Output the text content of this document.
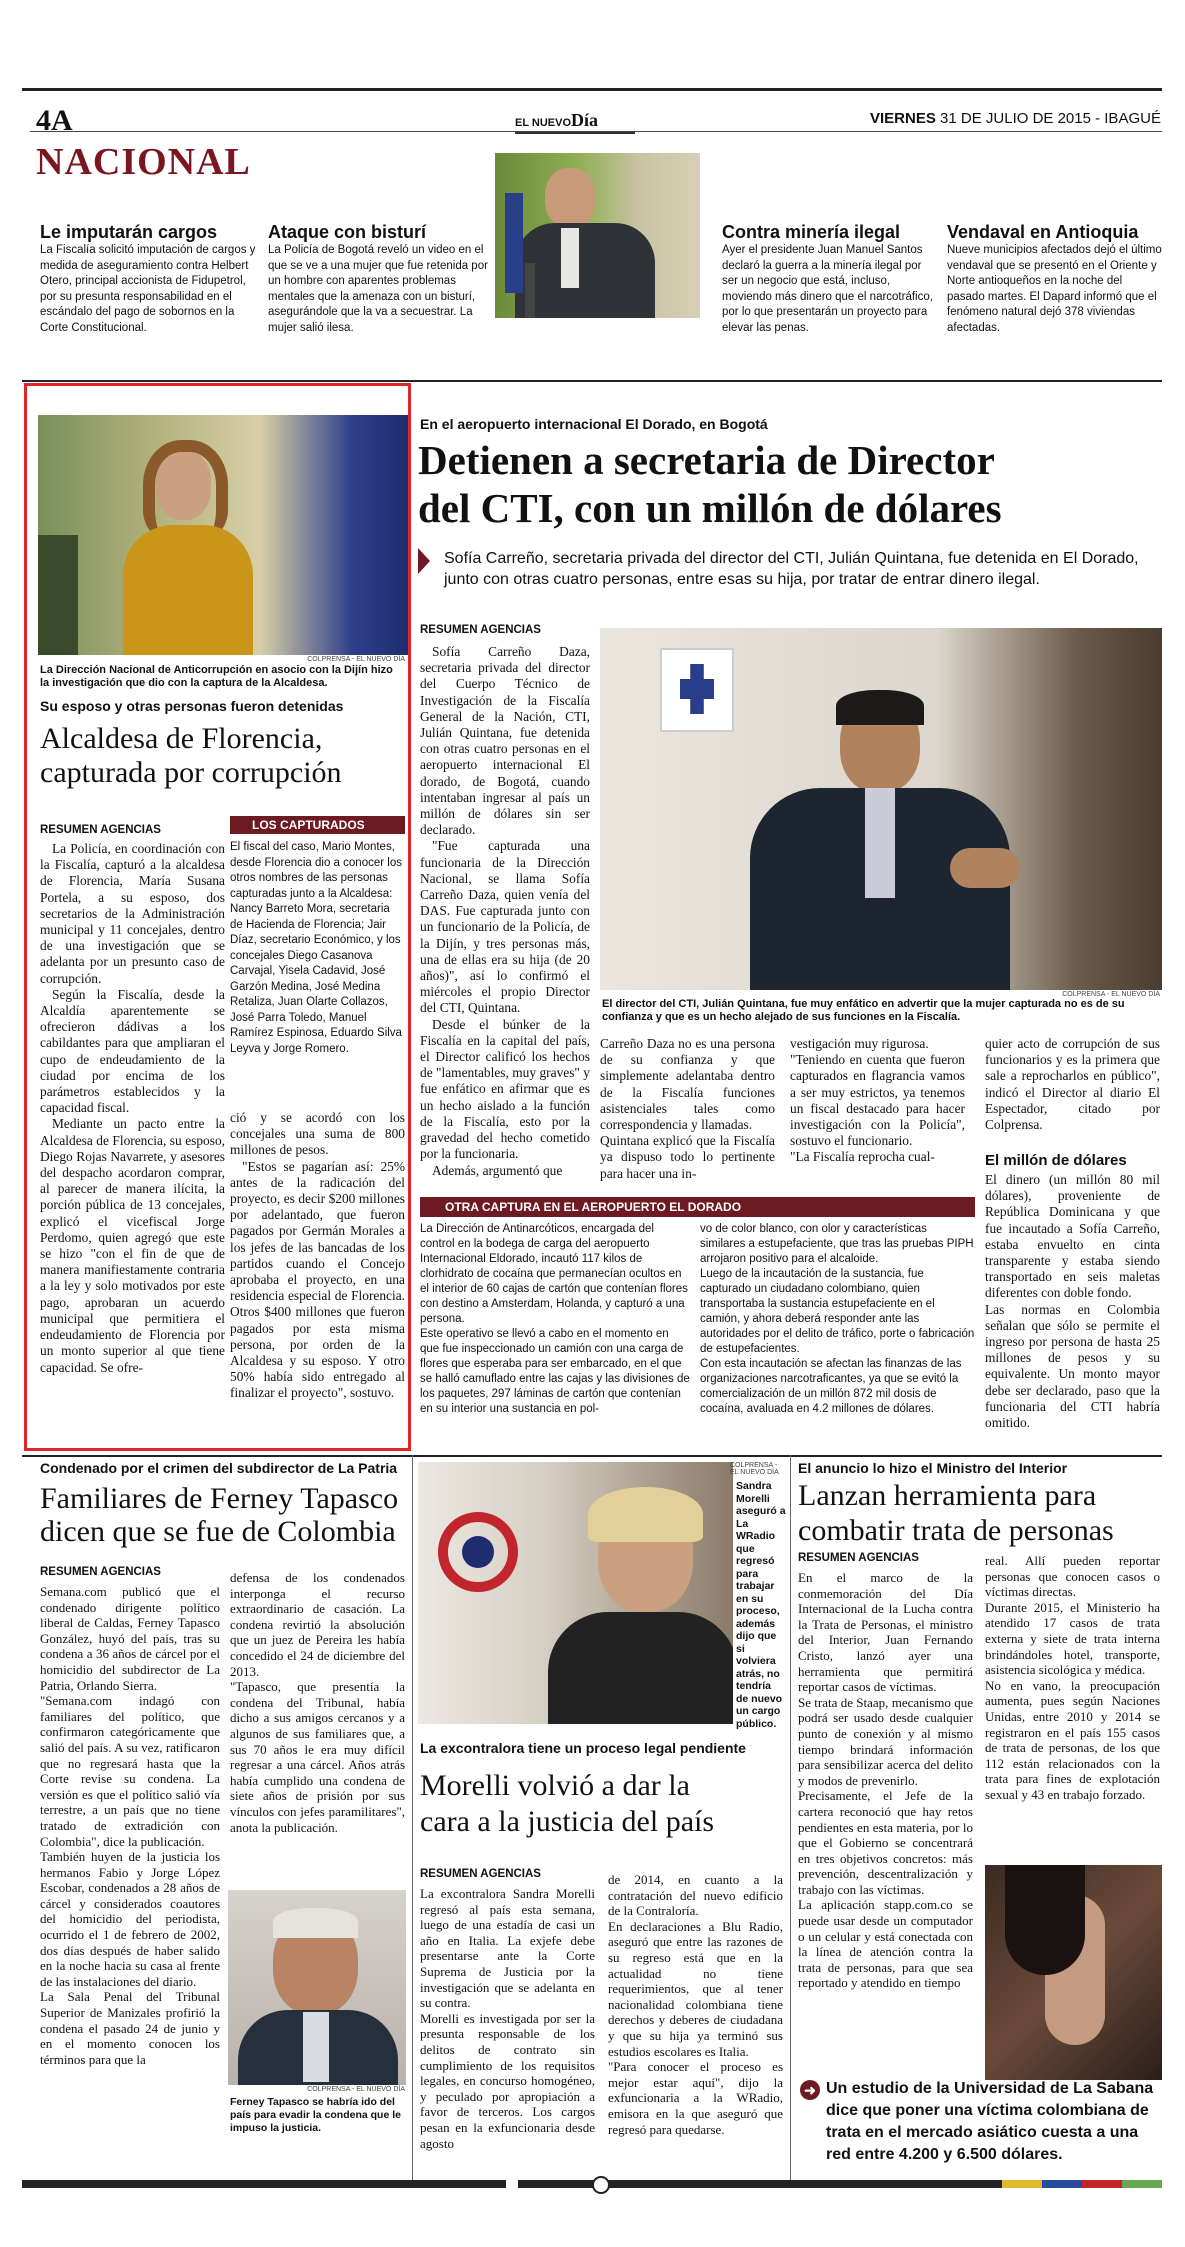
4A	EL NUEVODía	VIERNES 31 DE JULIO DE 2015 - IBAGUÉ
NACIONAL
Le imputarán cargos
La Fiscalía solicitó imputación de cargos y medida de aseguramiento contra Helbert Otero, principal accionista de Fidupetrol, por su presunta responsabilidad en el escándalo del pago de sobornos en la Corte Constitucional.
Ataque con bisturí
La Policía de Bogotá reveló un video en el que se ve a una mujer que fue retenida por un hombre con aparentes problemas mentales que la amenaza con un bisturí, asegurándole que la va a secuestrar. La mujer salió ilesa.
Contra minería ilegal
Ayer el presidente Juan Manuel Santos declaró la guerra a la minería ilegal por ser un negocio que está, incluso, moviendo más dinero que el narcotráfico, por lo que presentarán un proyecto para elevar las penas.
Vendaval en Antioquia
Nueve municipios afectados dejó el último vendaval que se presentó en el Oriente y Norte antioqueños en la noche del pasado martes. El Dapard informó que el fenómeno natural dejó 378 viviendas afectadas.
COLPRENSA - EL NUEVO DÍA
La Dirección Nacional de Anticorrupción en asocio con la Dijín hizo la investigación que dio con la captura de la Alcaldesa.
Su esposo y otras personas fueron detenidas
Alcaldesa de Florencia,
capturada por corrupción
RESUMEN AGENCIAS

La Policía, en coordinación con la Fiscalía, capturó a la alcaldesa de Florencia, María Susana Portela, a su esposo, dos secretarios de la Administración municipal y 11 concejales, dentro de una investigación que se adelanta por un presunto caso de corrupción.

Según la Fiscalía, desde la Alcaldía aparentemente se ofrecieron dádivas a los cabildantes para que ampliaran el cupo de endeudamiento de la ciudad por encima de los parámetros establecidos y la capacidad fiscal.

Mediante un pacto entre la Alcaldesa de Florencia, su esposo, Diego Rojas Navarrete, y asesores del despacho acordaron comprar, al parecer de manera ilícita, la porción pública de 13 concejales, explicó el vicefiscal Jorge Perdomo, quien agregó que este se hizo "con el fin de que de manera manifiestamente contraria a la ley y solo motivados por este pago, aprobaran un acuerdo municipal que permitiera el endeudamiento de Florencia por un monto superior al que tiene capacidad. Se ofre-

LOS CAPTURADOS
El fiscal del caso, Mario Montes, desde Florencia dio a conocer los otros nombres de las personas capturadas junto a la Alcaldesa: Nancy Barreto Mora, secretaria de Hacienda de Florencia; Jair Díaz, secretario Económico, y los concejales Diego Casanova Carvajal, Yisela Cadavid, José Garzón Medina, José Medina Retaliza, Juan Olarte Collazos, José Parra Toledo, Manuel Ramírez Espinosa, Eduardo Silva Leyva y Jorge Romero.

ció y se acordó con los concejales una suma de 800 millones de pesos.

"Estos se pagarían así: 25% antes de la radicación del proyecto, es decir $200 millones por adelantado, que fueron pagados por Germán Morales a los jefes de las bancadas de los partidos cuando el Concejo aprobaba el proyecto, en una residencia especial de Florencia. Otros $400 millones que fueron pagados por esta misma persona, por orden de la Alcaldesa y su esposo. Y otro 50% había sido entregado al finalizar el proyecto", sostuvo.

En el aeropuerto internacional El Dorado, en Bogotá
Detienen a secretaria de Director
del CTI, con un millón de dólares
Sofía Carreño, secretaria privada del director del CTI, Julián Quintana, fue detenida en El Dorado, junto con otras cuatro personas, entre esas su hija, por tratar de entrar dinero ilegal.
RESUMEN AGENCIAS

Sofía Carreño Daza, secretaria privada del director del Cuerpo Técnico de Investigación de la Fiscalía General de la Nación, CTI, Julián Quintana, fue detenida con otras cuatro personas en el aeropuerto internacional El dorado, de Bogotá, cuando intentaban ingresar al país un millón de dólares sin ser declarado.

"Fue capturada una funcionaria de la Dirección Nacional, se llama Sofía Carreño Daza, quien venía del DAS. Fue capturada junto con un funcionario de la Policía, de la Dijín, y tres personas más, una de ellas era su hija (de 20 años)", así lo confirmó el miércoles el propio Director del CTI, Quintana.

Desde el búnker de la Fiscalía en la capital del país, el Director calificó los hechos de "lamentables, muy graves" y fue enfático en afirmar que es un hecho aislado a la función de la Fiscalía, esto por la gravedad del hecho cometido por la funcionaria.

Además, argumentó que

COLPRENSA - EL NUEVO DÍA
El director del CTI, Julián Quintana, fue muy enfático en advertir que la mujer capturada no es de su confianza y que es un hecho alejado de sus funciones en la Fiscalía.
Carreño Daza no es una persona de su confianza y que simplemente adelantaba dentro de la Fiscalía funciones asistenciales tales como correspondencia y llamadas.
Quintana explicó que la Fiscalía ya dispuso todo lo pertinente para hacer una in-
vestigación muy rigurosa.
"Teniendo en cuenta que fueron capturados en flagrancia vamos a ser muy estrictos, ya tenemos un fiscal destacado para hacer investigación con la Policía", sostuvo el funcionario.
"La Fiscalía reprocha cual-
quier acto de corrupción de sus funcionarios y es la primera que sale a reprocharlos en público", indicó el Director al diario El Espectador, citado por Colprensa.
El millón de dólares
El dinero (un millón 80 mil dólares), proveniente de República Dominicana y que fue incautado a Sofía Carreño, estaba envuelto en cinta transparente y estaba siendo transportado en seis maletas diferentes con doble fondo.
Las normas en Colombia señalan que sólo se permite el ingreso por persona de hasta 25 millones de pesos y su equivalente. Un monto mayor debe ser declarado, paso que la funcionaria del CTI habría omitido.
OTRA CAPTURA EN EL AEROPUERTO EL DORADO
La Dirección de Antinarcóticos, encargada del control en la bodega de carga del aeropuerto Internacional Eldorado, incautó 117 kilos de clorhidrato de cocaína que permanecían ocultos en el interior de 60 cajas de cartón que contenían flores con destino a Amsterdam, Holanda, y capturó a una persona.
Este operativo se llevó a cabo en el momento en que fue inspeccionado un camión con una carga de flores que esperaba para ser embarcado, en el que se halló camuflado entre las cajas y las divisiones de los paquetes, 297 láminas de cartón que contenían en su interior una sustancia en pol-
vo de color blanco, con olor y características similares a estupefaciente, que tras las pruebas PIPH arrojaron positivo para el alcaloide.
Luego de la incautación de la sustancia, fue capturado un ciudadano colombiano, quien transportaba la sustancia estupefaciente en el camión, y ahora deberá responder ante las autoridades por el delito de tráfico, porte o fabricación de estupefacientes.
Con esta incautación se afectan las finanzas de las organizaciones narcotraficantes, ya que se evitó la comercialización de un millón 872 mil dosis de cocaína, avaluada en 4.2 millones de dólares.
Condenado por el crimen del subdirector de La Patria
Familiares de Ferney Tapasco
dicen que se fue de Colombia
RESUMEN AGENCIAS
Semana.com publicó que el condenado dirigente político liberal de Caldas, Ferney Tapasco González, huyó del país, tras su condena a 36 años de cárcel por el homicidio del subdirector de La Patria, Orlando Sierra.
"Semana.com indagó con familiares del político, que confirmaron categóricamente que salió del país. A su vez, ratificaron que no regresará hasta que la Corte revise su condena. La versión es que el político salió vía terrestre, a un país que no tiene tratado de extradición con Colombia", dice la publicación.
También huyen de la justicia los hermanos Fabio y Jorge López Escobar, condenados a 28 años de cárcel y considerados coautores del homicidio del periodista, ocurrido el 1 de febrero de 2002, dos días después de haber salido en la noche hacia su casa al frente de las instalaciones del diario.
La Sala Penal del Tribunal Superior de Manizales profirió la condena el pasado 24 de junio y en el momento conocen los términos para que la
defensa de los condenados interponga el recurso extraordinario de casación. La condena revirtió la absolución que un juez de Pereira les había concedido el 24 de diciembre del 2013.
"Tapasco, que presentía la condena del Tribunal, había dicho a sus amigos cercanos y a algunos de sus familiares que, a sus 70 años le era muy difícil regresar a una cárcel. Años atrás había cumplido una condena de siete años de prisión por sus vínculos con jefes paramilitares", anota la publicación.
COLPRENSA - EL NUEVO DÍA
Ferney Tapasco se habría ido del país para evadir la condena que le impuso la justicia.
COLPRENSA - EL NUEVO DÍA
Sandra Morelli aseguró a La WRadio que regresó para trabajar en su proceso, además dijo que si volviera atrás, no tendría de nuevo un cargo público.
La excontralora tiene un proceso legal pendiente
Morelli volvió a dar la
cara a la justicia del país
RESUMEN AGENCIAS
La excontralora Sandra Morelli regresó al país esta semana, luego de una estadía de casi un año en Italia. La exjefe debe presentarse ante la Corte Suprema de Justicia por la investigación que se adelanta en su contra.
Morelli es investigada por ser la presunta responsable de los delitos de contrato sin cumplimiento de los requisitos legales, en concurso homogéneo, y peculado por apropiación a favor de terceros. Los cargos pesan en la exfuncionaria desde agosto
de 2014, en cuanto a la contratación del nuevo edificio de la Contraloría.
En declaraciones a Blu Radio, aseguró que entre las razones de su regreso está que en la actualidad no tiene requerimientos, que al tener nacionalidad colombiana tiene derechos y deberes de ciudadana y que su hija ya terminó sus estudios escolares es Italia.
"Para conocer el proceso es mejor estar aquí", dijo la exfuncionaria a la WRadio, emisora en la que aseguró que regresó para quedarse.
El anuncio lo hizo el Ministro del Interior
Lanzan herramienta para
combatir trata de personas
RESUMEN AGENCIAS
En el marco de la conmemoración del Día Internacional de la Lucha contra la Trata de Personas, el ministro del Interior, Juan Fernando Cristo, lanzó ayer una herramienta que permitirá reportar casos de víctimas.
Se trata de Staap, mecanismo que podrá ser usado desde cualquier punto de conexión y al mismo tiempo brindará información para sensibilizar acerca del delito y modos de prevenirlo.
Precisamente, el Jefe de la cartera reconoció que hay retos pendientes en esta materia, por lo que el Gobierno se concentrará en tres objetivos concretos: más prevención, descentralización y trabajo con las víctimas.
La aplicación stapp.com.co se puede usar desde un computador o un celular y está conectada con la línea de atención contra la trata de personas, para que sea reportado y atendido en tiempo
real. Allí pueden reportar personas que conocen casos o víctimas directas.
Durante 2015, el Ministerio ha atendido 17 casos de trata externa y siete de trata interna brindándoles hotel, transporte, asistencia sicológica y médica.
No en vano, la preocupación aumenta, pues según Naciones Unidas, entre 2010 y 2014 se registraron en el país 155 casos de trata de personas, de los que 112 están relacionados con la trata para fines de explotación sexual y 43 en trabajo forzado.
➜ Un estudio de la Universidad de La Sabana dice que poner una víctima colombiana de trata en el mercado asiático cuesta a una red entre 4.200 y 6.500 dólares.
